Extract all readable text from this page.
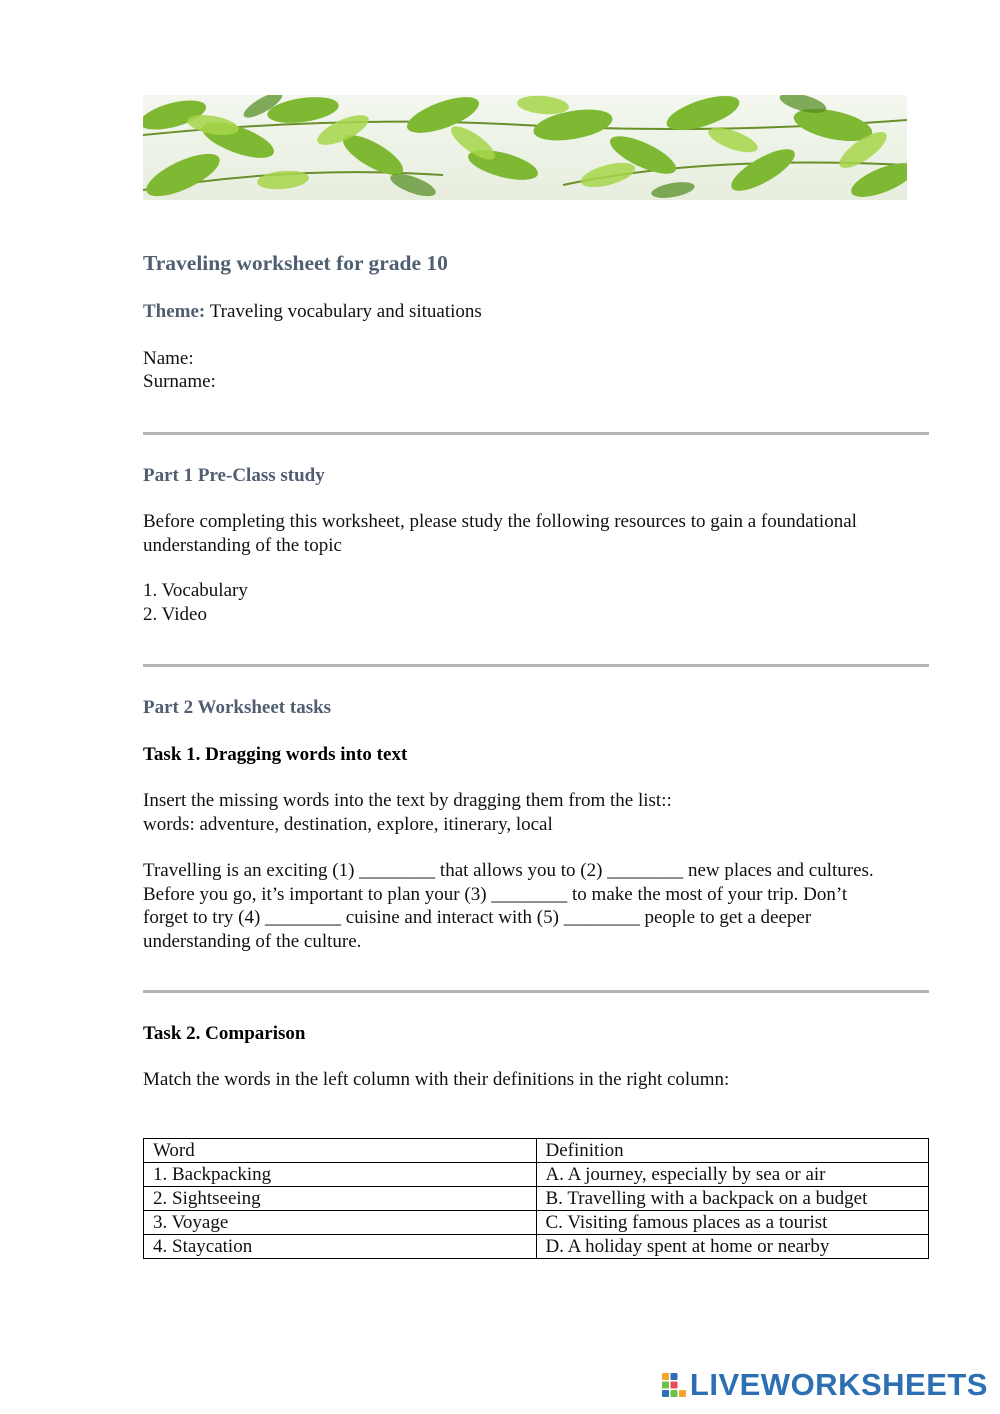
Traveling worksheet for grade 10
Theme: Traveling vocabulary and situations
Name:
Surname:
Part 1 Pre-Class study
Before completing this worksheet, please study the following resources to gain a foundational
understanding of the topic
1. Vocabulary
2. Video
Part 2 Worksheet tasks
Task 1. Dragging words into text
Insert the missing words into the text by dragging them from the list::
words: adventure, destination, explore, itinerary, local
Travelling is an exciting (1) ________ that allows you to (2) ________ new places and cultures.
Before you go, it’s important to plan your (3) ________ to make the most of your trip. Don’t
forget to try (4) ________ cuisine and interact with (5) ________ people to get a deeper
understanding of the culture.
Task 2. Comparison
Match the words in the left column with their definitions in the right column:
Word	Definition
1. Backpacking	A. A journey, especially by sea or air
2. Sightseeing	B. Travelling with a backpack on a budget
3. Voyage	C. Visiting famous places as a tourist
4. Staycation	D. A holiday spent at home or nearby
LIVEWORKSHEETS
